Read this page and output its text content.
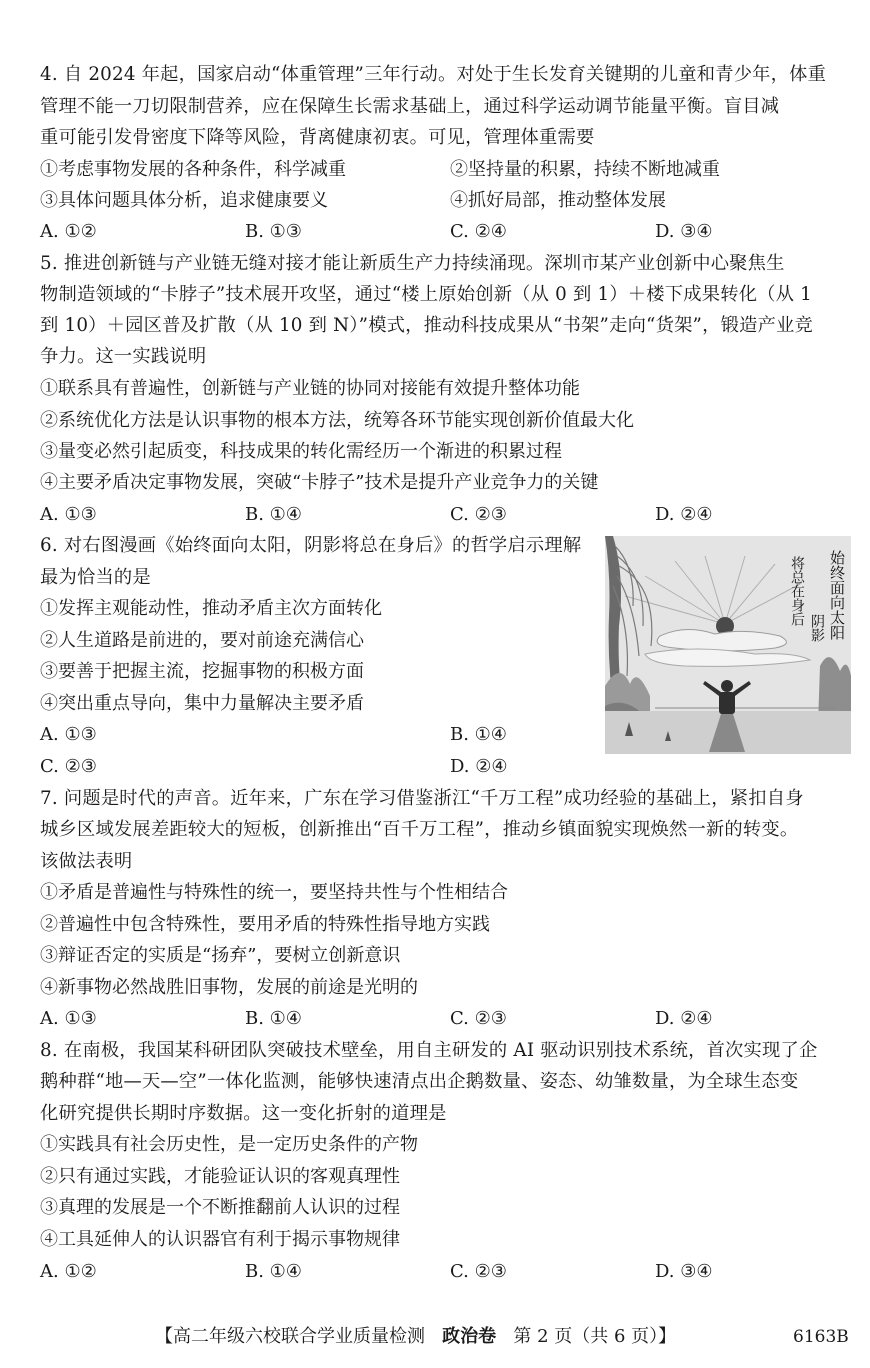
4. 自 2024 年起，国家启动“体重管理”三年行动。对处于生长发育关键期的儿童和青少年，体重
管理不能一刀切限制营养，应在保障生长需求基础上，通过科学运动调节能量平衡。盲目减
重可能引发骨密度下降等风险，背离健康初衷。可见，管理体重需要
①考虑事物发展的各种条件，科学减重	②坚持量的积累，持续不断地减重
③具体问题具体分析，追求健康要义	④抓好局部，推动整体发展
A. ①②	B. ①③	C. ②④	D. ③④
5. 推进创新链与产业链无缝对接才能让新质生产力持续涌现。深圳市某产业创新中心聚焦生
物制造领域的“卡脖子”技术展开攻坚，通过“楼上原始创新（从 0 到 1）＋楼下成果转化（从 1
到 10）＋园区普及扩散（从 10 到 N）”模式，推动科技成果从“书架”走向“货架”，锻造产业竞
争力。这一实践说明
①联系具有普遍性，创新链与产业链的协同对接能有效提升整体功能
②系统优化方法是认识事物的根本方法，统筹各环节能实现创新价值最大化
③量变必然引起质变，科技成果的转化需经历一个渐进的积累过程
④主要矛盾决定事物发展，突破“卡脖子”技术是提升产业竞争力的关键
A. ①③	B. ①④	C. ②③	D. ②④
6. 对右图漫画《始终面向太阳，阴影将总在身后》的哲学启示理解
最为恰当的是
①发挥主观能动性，推动矛盾主次方面转化
②人生道路是前进的，要对前途充满信心
③要善于把握主流，挖掘事物的积极方面
④突出重点导向，集中力量解决主要矛盾
A. ①③	B. ①④
C. ②③	D. ②④
始终面向太阳
阴影
将总在身后
7. 问题是时代的声音。近年来，广东在学习借鉴浙江“千万工程”成功经验的基础上，紧扣自身
城乡区域发展差距较大的短板，创新推出“百千万工程”，推动乡镇面貌实现焕然一新的转变。
该做法表明
①矛盾是普遍性与特殊性的统一，要坚持共性与个性相结合
②普遍性中包含特殊性，要用矛盾的特殊性指导地方实践
③辩证否定的实质是“扬弃”，要树立创新意识
④新事物必然战胜旧事物，发展的前途是光明的
A. ①③	B. ①④	C. ②③	D. ②④
8. 在南极，我国某科研团队突破技术壁垒，用自主研发的 AI 驱动识别技术系统，首次实现了企
鹅种群“地—天—空”一体化监测，能够快速清点出企鹅数量、姿态、幼雏数量，为全球生态变
化研究提供长期时序数据。这一变化折射的道理是
①实践具有社会历史性，是一定历史条件的产物
②只有通过实践，才能验证认识的客观真理性
③真理的发展是一个不断推翻前人认识的过程
④工具延伸人的认识器官有利于揭示事物规律
A. ①②	B. ①④	C. ②③	D. ③④
【高二年级六校联合学业质量检测 政治卷 第 2 页（共 6 页）】	6163B
